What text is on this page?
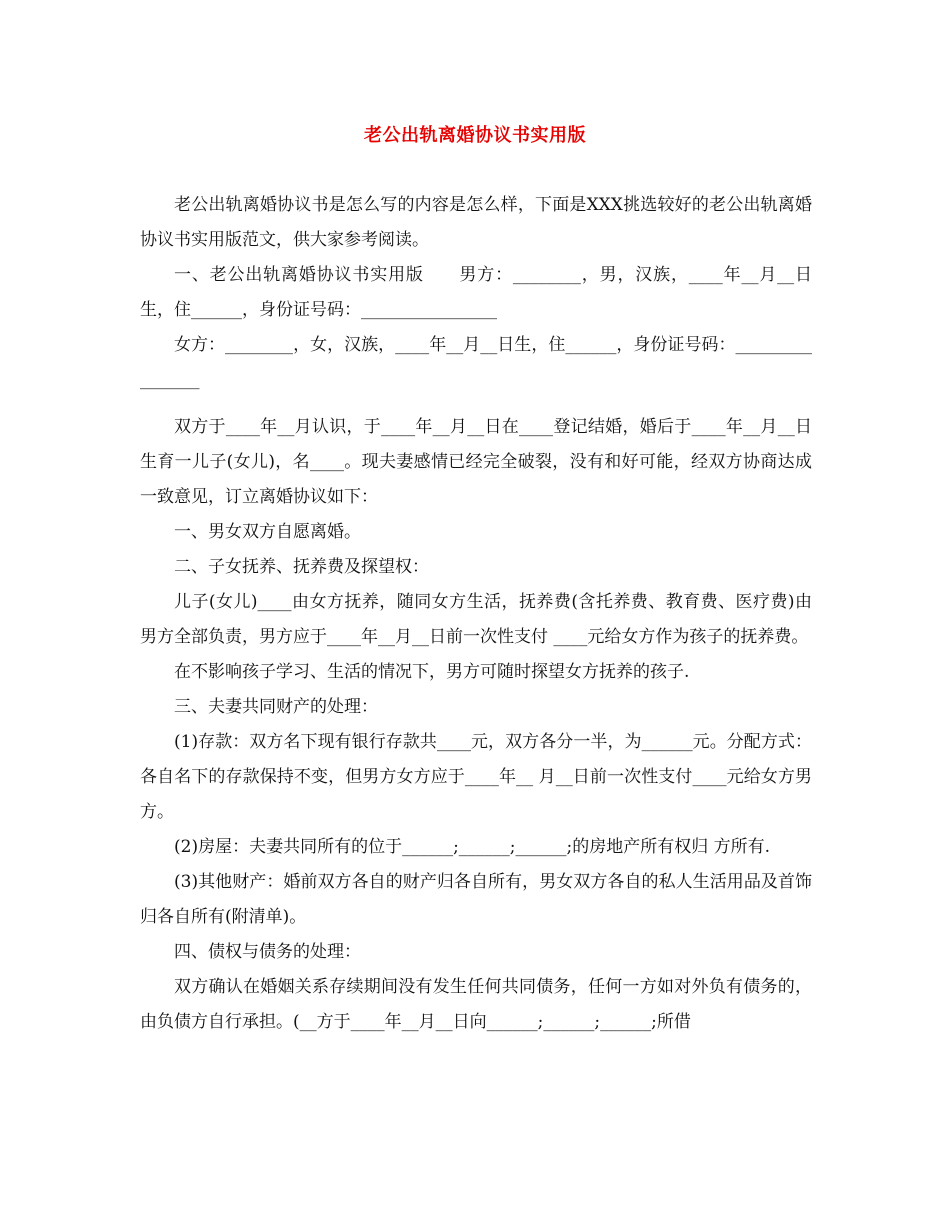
老公出轨离婚协议书实用版

老公出轨离婚协议书是怎么写的内容是怎么样，下面是XXX挑选较好的老公出轨离婚协议书实用版范文，供大家参考阅读。

一、老公出轨离婚协议书实用版　　男方：________，男，汉族，____年__月__日生，住______，身份证号码：________________

女方：________，女，汉族，____年__月__日生，住______，身份证号码：________________

双方于____年__月认识，于____年__月__日在____登记结婚，婚后于____年__月__日生育一儿子(女儿)，名____。现夫妻感情已经完全破裂，没有和好可能，经双方协商达成一致意见，订立离婚协议如下：

一、男女双方自愿离婚。

二、子女抚养、抚养费及探望权：

儿子(女儿)____由女方抚养，随同女方生活，抚养费(含托养费、教育费、医疗费)由男方全部负责，男方应于____年__月__日前一次性支付 ____元给女方作为孩子的抚养费。

在不影响孩子学习、生活的情况下，男方可随时探望女方抚养的孩子.

三、夫妻共同财产的处理：

(1)存款：双方名下现有银行存款共____元，双方各分一半，为______元。分配方式：各自名下的存款保持不变，但男方女方应于____年__ 月__日前一次性支付____元给女方男方。

(2)房屋：夫妻共同所有的位于______;______;______;的房地产所有权归 方所有.

(3)其他财产：婚前双方各自的财产归各自所有，男女双方各自的私人生活用品及首饰归各自所有(附清单)。

四、债权与债务的处理：

双方确认在婚姻关系存续期间没有发生任何共同债务，任何一方如对外负有债务的，由负债方自行承担。(__方于____年__月__日向______;______;______;所借
